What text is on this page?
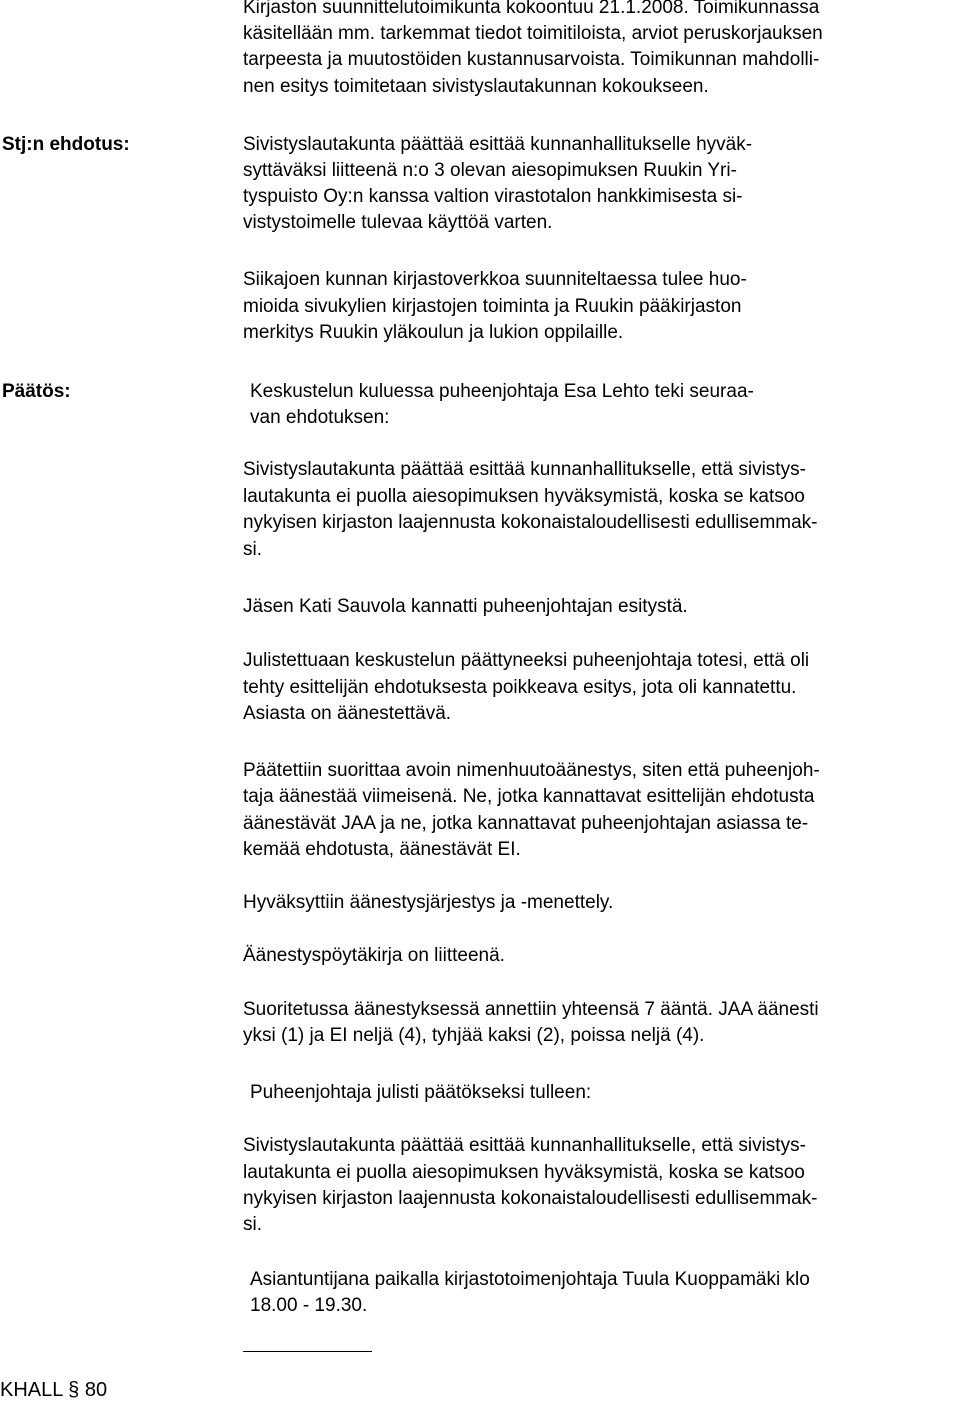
Kirjaston suunnittelutoimikunta kokoontuu 21.1.2008. Toimikunnassa
käsitellään mm. tarkemmat tiedot toimitiloista, arviot peruskorjauksen
tarpeesta ja muutostöiden kustannusarvoista. Toimikunnan mahdolli-
nen esitys toimitetaan sivistyslautakunnan kokoukseen.
Stj:n ehdotus:	Sivistyslautakunta päättää esittää kunnanhallitukselle hyväk-
syttäväksi liitteenä n:o 3 olevan aiesopimuksen Ruukin Yri-
tyspuisto Oy:n kanssa valtion virastotalon hankkimisesta si-
vistystoimelle tulevaa käyttöä varten.
Siikajoen kunnan kirjastoverkkoa suunniteltaessa tulee huo-
mioida sivukylien kirjastojen toiminta ja Ruukin pääkirjaston
merkitys Ruukin yläkoulun ja lukion oppilaille.
Päätös:	Keskustelun kuluessa puheenjohtaja Esa Lehto teki seuraa-
van ehdotuksen:
Sivistyslautakunta päättää esittää kunnanhallitukselle, että sivistys-
lautakunta ei puolla aiesopimuksen hyväksymistä, koska se katsoo
nykyisen kirjaston laajennusta kokonaistaloudellisesti edullisemmak-
si.
Jäsen Kati Sauvola kannatti puheenjohtajan esitystä.
Julistettuaan keskustelun päättyneeksi puheenjohtaja totesi, että oli
tehty esittelijän ehdotuksesta poikkeava esitys, jota oli kannatettu.
Asiasta on äänestettävä.
Päätettiin suorittaa avoin nimenhuutoäänestys, siten että puheenjoh-
taja äänestää viimeisenä. Ne, jotka kannattavat esittelijän ehdotusta
äänestävät JAA ja ne, jotka kannattavat puheenjohtajan asiassa te-
kemää ehdotusta, äänestävät EI.
Hyväksyttiin äänestysjärjestys ja -menettely.
Äänestyspöytäkirja on liitteenä.
Suoritetussa äänestyksessä annettiin yhteensä 7 ääntä. JAA äänesti
yksi (1) ja EI neljä (4), tyhjää kaksi (2), poissa neljä (4).
Puheenjohtaja julisti päätökseksi tulleen:
Sivistyslautakunta päättää esittää kunnanhallitukselle, että sivistys-
lautakunta ei puolla aiesopimuksen hyväksymistä, koska se katsoo
nykyisen kirjaston laajennusta kokonaistaloudellisesti edullisemmak-
si.
Asiantuntijana paikalla kirjastotoimenjohtaja Tuula Kuoppamäki klo
18.00 - 19.30.
KHALL § 80
